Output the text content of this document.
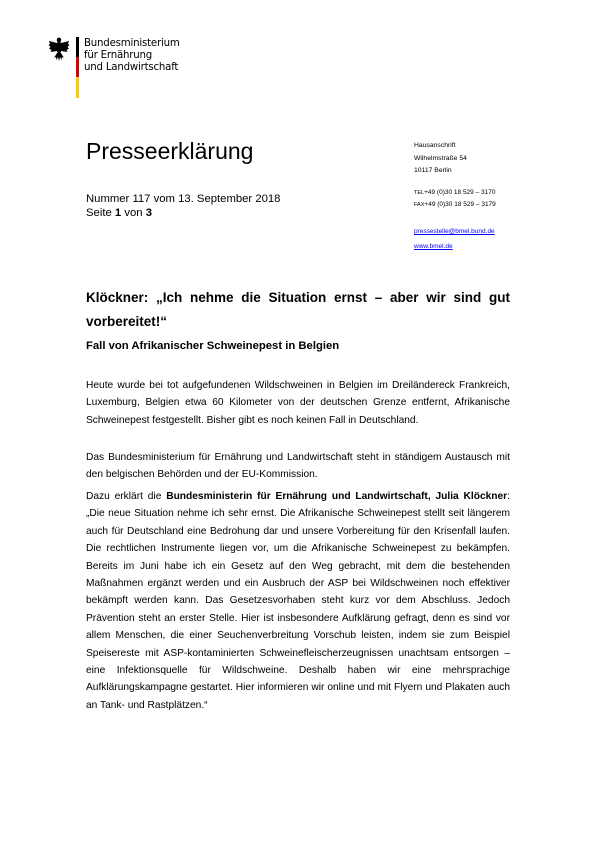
Bundesministerium
für Ernährung
und Landwirtschaft
Presseerklärung
Nummer 117 vom 13. September 2018
Seite 1 von 3
Hausanschrift
Wilhelmstraße 54
10117 Berlin
TEL+49 (0)30 18 529 – 3170
FAX+49 (0)30 18 529 – 3179
pressestelle@bmel.bund.de
www.bmel.de
Klöckner: „Ich nehme die Situation ernst – aber wir sind gut vorbereitet!“
Fall von Afrikanischer Schweinepest in Belgien
Heute wurde bei tot aufgefundenen Wildschweinen in Belgien im Dreiländereck Frankreich, Luxemburg, Belgien etwa 60 Kilometer von der deutschen Grenze entfernt, Afrikanische Schweinepest festgestellt. Bisher gibt es noch keinen Fall in Deutschland.
Das Bundesministerium für Ernährung und Landwirtschaft steht in ständigem Austausch mit den belgischen Behörden und der EU-Kommission.
Dazu erklärt die Bundesministerin für Ernährung und Landwirtschaft, Julia Klöckner: „Die neue Situation nehme ich sehr ernst. Die Afrikanische Schweinepest stellt seit längerem auch für Deutschland eine Bedrohung dar und unsere Vorbereitung für den Krisenfall laufen. Die rechtlichen Instrumente liegen vor, um die Afrikanische Schweinepest zu bekämpfen. Bereits im Juni habe ich ein Gesetz auf den Weg gebracht, mit dem die bestehenden Maßnahmen ergänzt werden und ein Ausbruch der ASP bei Wildschweinen noch effektiver bekämpft werden kann. Das Gesetzesvorhaben steht kurz vor dem Abschluss. Jedoch Prävention steht an erster Stelle. Hier ist insbesondere Aufklärung gefragt, denn es sind vor allem Menschen, die einer Seuchenverbreitung Vorschub leisten, indem sie zum Beispiel Speisereste mit ASP-kontaminierten Schweinefleischerzeugnissen unachtsam entsorgen – eine Infektionsquelle für Wildschweine. Deshalb haben wir eine mehrsprachige Aufklärungskampagne gestartet. Hier informieren wir online und mit Flyern und Plakaten auch an Tank- und Rastplätzen.“
